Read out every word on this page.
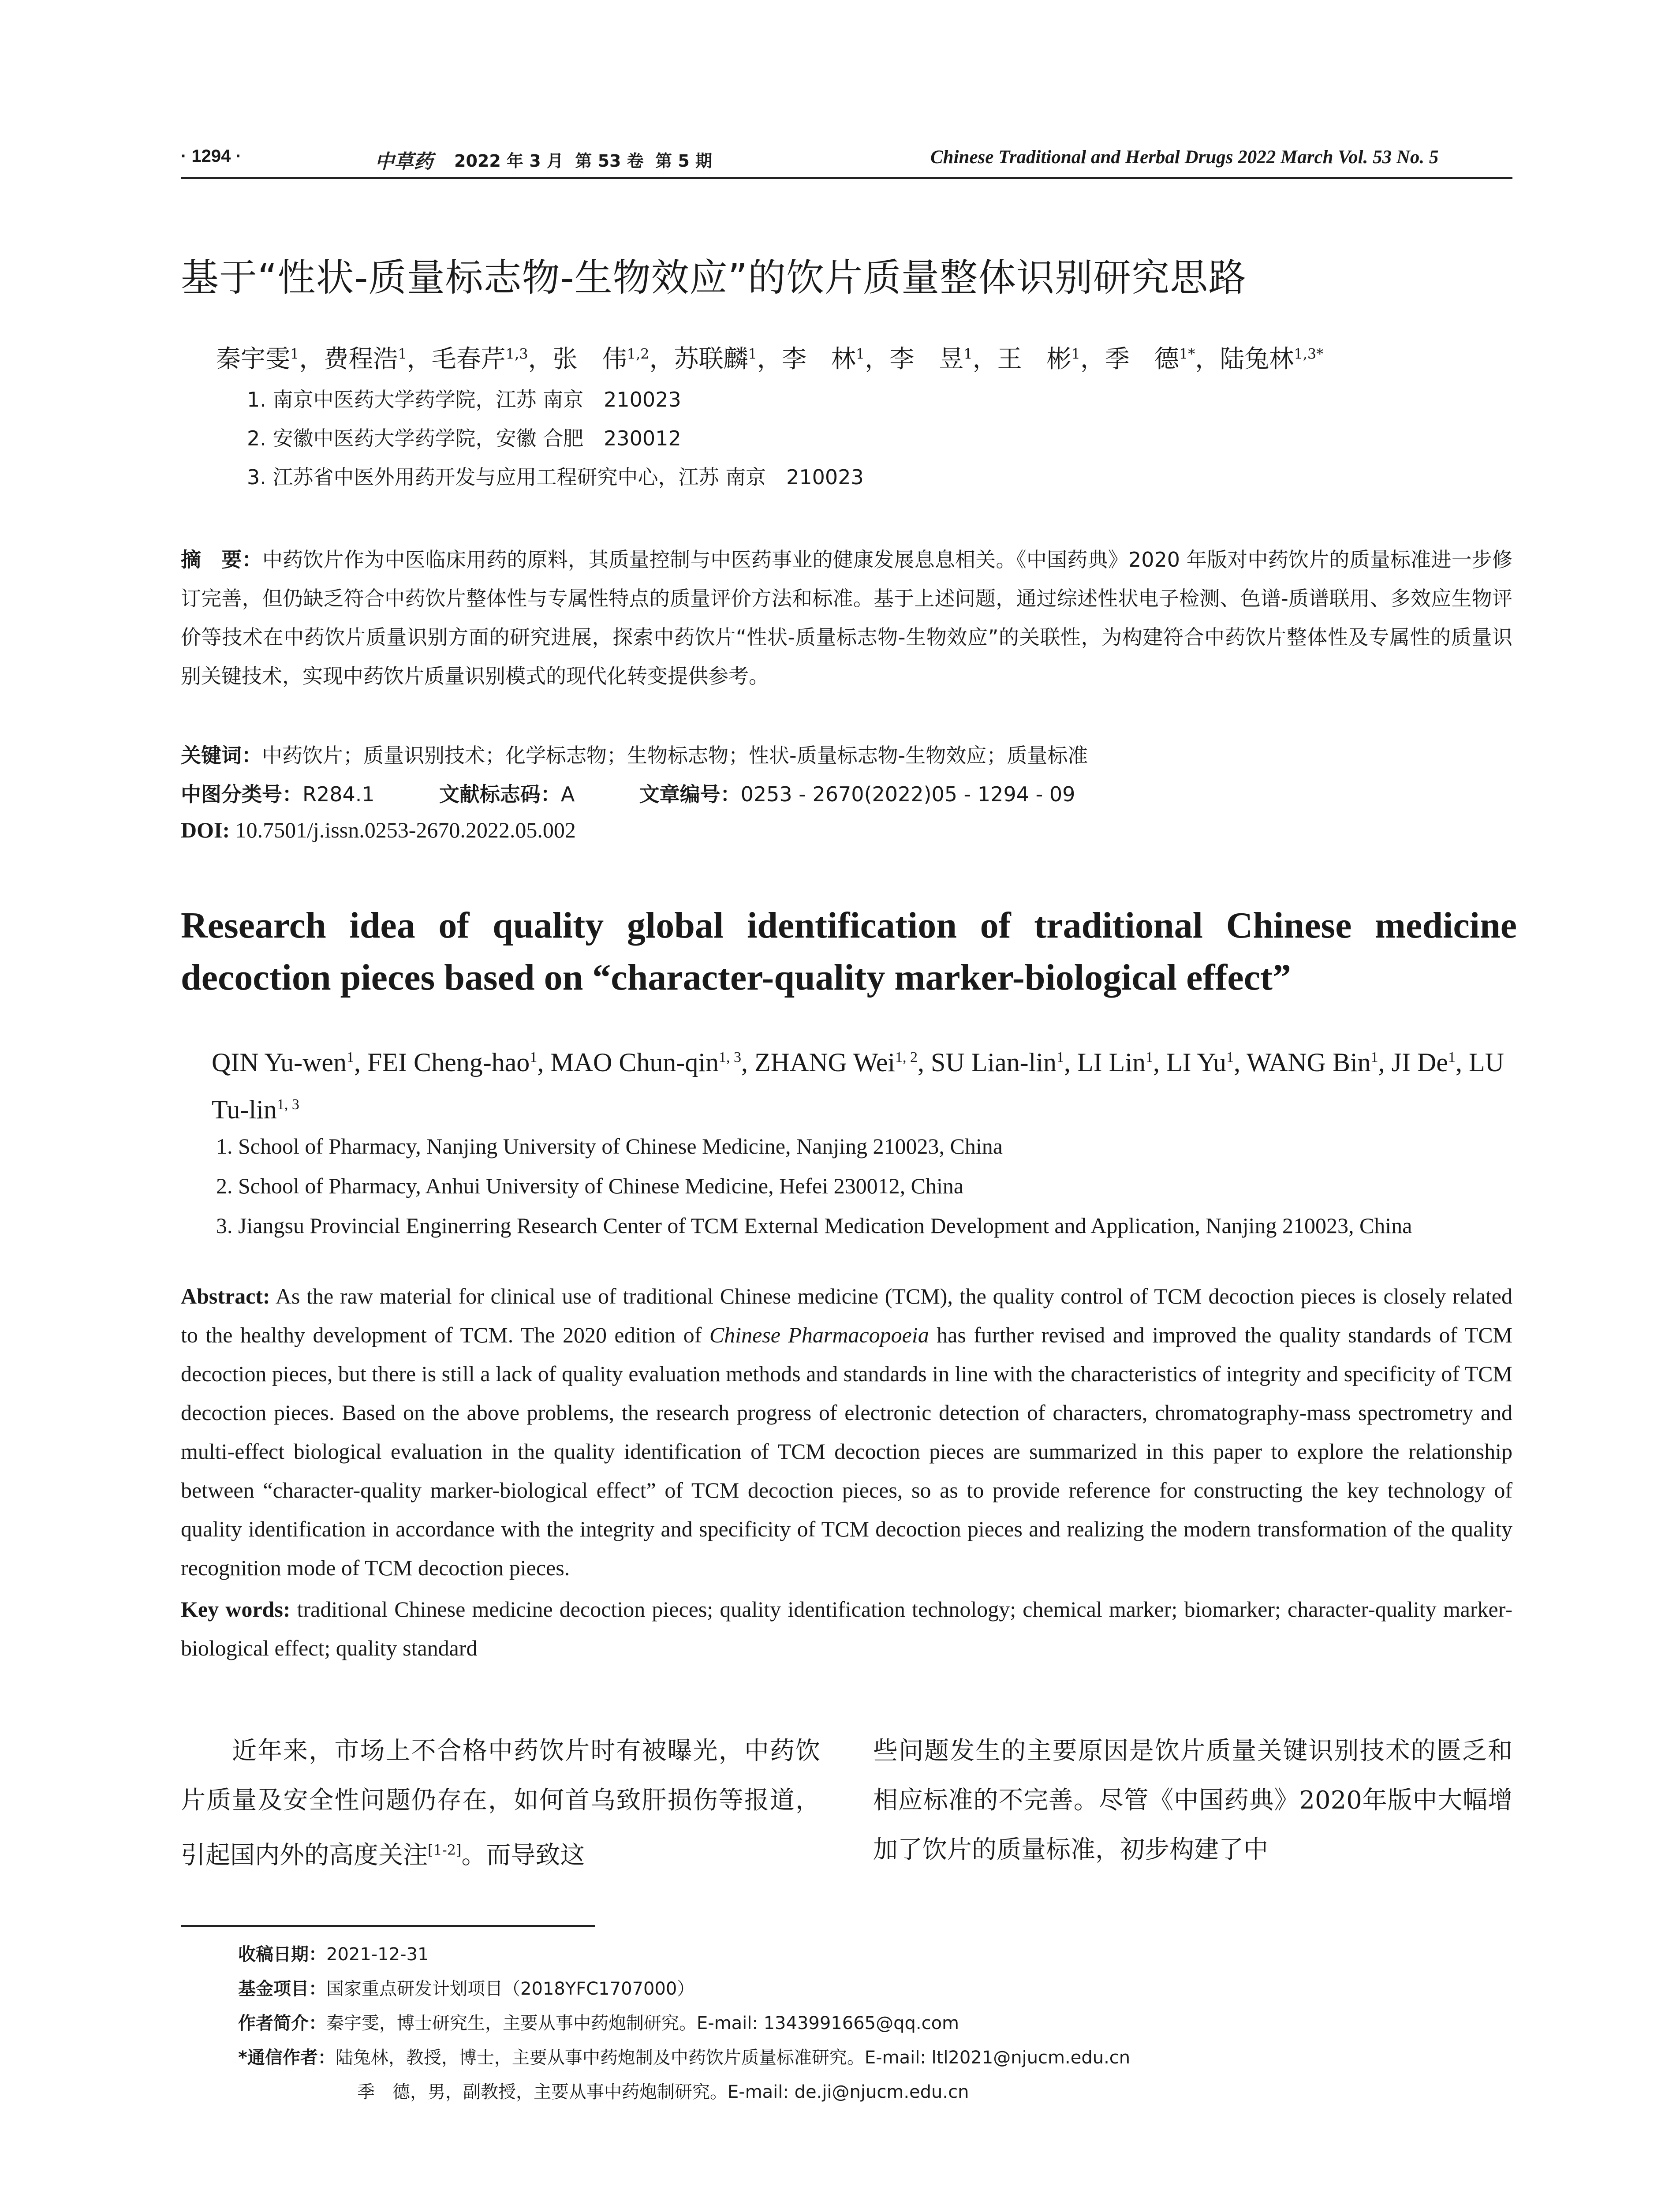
· 1294 ·	中草药 2022 年 3 月  第 53 卷  第 5 期	Chinese Traditional and Herbal Drugs 2022 March Vol. 53 No. 5
基于“性状-质量标志物-生物效应”的饮片质量整体识别研究思路
秦宇雯$^1$，费程浩$^1$，毛春芹$^{1,3}$，张　伟$^{1,2}$，苏联麟$^1$，李　林$^1$，李　昱$^1$，王　彬$^1$，季　德$^{1*}$，陆兔林$^{1,3*}$
1. 南京中医药大学药学院，江苏 南京　210023
2. 安徽中医药大学药学院，安徽 合肥　230012
3. 江苏省中医外用药开发与应用工程研究中心，江苏 南京　210023
摘　要：中药饮片作为中医临床用药的原料，其质量控制与中医药事业的健康发展息息相关。《中国药典》2020 年版对中药饮片的质量标准进一步修订完善，但仍缺乏符合中药饮片整体性与专属性特点的质量评价方法和标准。基于上述问题，通过综述性状电子检测、色谱-质谱联用、多效应生物评价等技术在中药饮片质量识别方面的研究进展，探索中药饮片“性状-质量标志物-生物效应”的关联性，为构建符合中药饮片整体性及专属性的质量识别关键技术，实现中药饮片质量识别模式的现代化转变提供参考。
关键词：中药饮片；质量识别技术；化学标志物；生物标志物；性状-质量标志物-生物效应；质量标准
中图分类号：R284.1	文献标志码：A	文章编号：0253 - 2670(2022)05 - 1294 - 09
DOI: 10.7501/j.issn.0253-2670.2022.05.002
Research idea of quality global identification of traditional Chinese medicine decoction pieces based on “character-quality marker-biological effect”
QIN Yu-wen$^1$, FEI Cheng-hao$^1$, MAO Chun-qin$^{1, 3}$, ZHANG Wei$^{1, 2}$, SU Lian-lin$^1$, LI Lin$^1$, LI Yu$^1$, WANG Bin$^1$, JI De$^1$, LU Tu-lin$^{1, 3}$
1. School of Pharmacy, Nanjing University of Chinese Medicine, Nanjing 210023, China
2. School of Pharmacy, Anhui University of Chinese Medicine, Hefei 230012, China
3. Jiangsu Provincial Enginerring Research Center of TCM External Medication Development and Application, Nanjing 210023, China
Abstract: As the raw material for clinical use of traditional Chinese medicine (TCM), the quality control of TCM decoction pieces is closely related to the healthy development of TCM. The 2020 edition of Chinese Pharmacopoeia has further revised and improved the quality standards of TCM decoction pieces, but there is still a lack of quality evaluation methods and standards in line with the characteristics of integrity and specificity of TCM decoction pieces. Based on the above problems, the research progress of electronic detection of characters, chromatography-mass spectrometry and multi-effect biological evaluation in the quality identification of TCM decoction pieces are summarized in this paper to explore the relationship between “character-quality marker-biological effect” of TCM decoction pieces, so as to provide reference for constructing the key technology of quality identification in accordance with the integrity and specificity of TCM decoction pieces and realizing the modern transformation of the quality recognition mode of TCM decoction pieces.
Key words: traditional Chinese medicine decoction pieces; quality identification technology; chemical marker; biomarker; character-quality marker-biological effect; quality standard
近年来，市场上不合格中药饮片时有被曝光，中药饮片质量及安全性问题仍存在，如何首乌致肝损伤等报道，引起国内外的高度关注[1-2]。而导致这
些问题发生的主要原因是饮片质量关键识别技术的匮乏和相应标准的不完善。尽管《中国药典》2020年版中大幅增加了饮片的质量标准，初步构建了中
收稿日期：2021-12-31
基金项目：国家重点研发计划项目（2018YFC1707000）
作者简介：秦宇雯，博士研究生，主要从事中药炮制研究。E-mail: 1343991665@qq.com
*通信作者：陆兔林，教授，博士，主要从事中药炮制及中药饮片质量标准研究。E-mail: ltl2021@njucm.edu.cn
季　德，男，副教授，主要从事中药炮制研究。E-mail: de.ji@njucm.edu.cn
